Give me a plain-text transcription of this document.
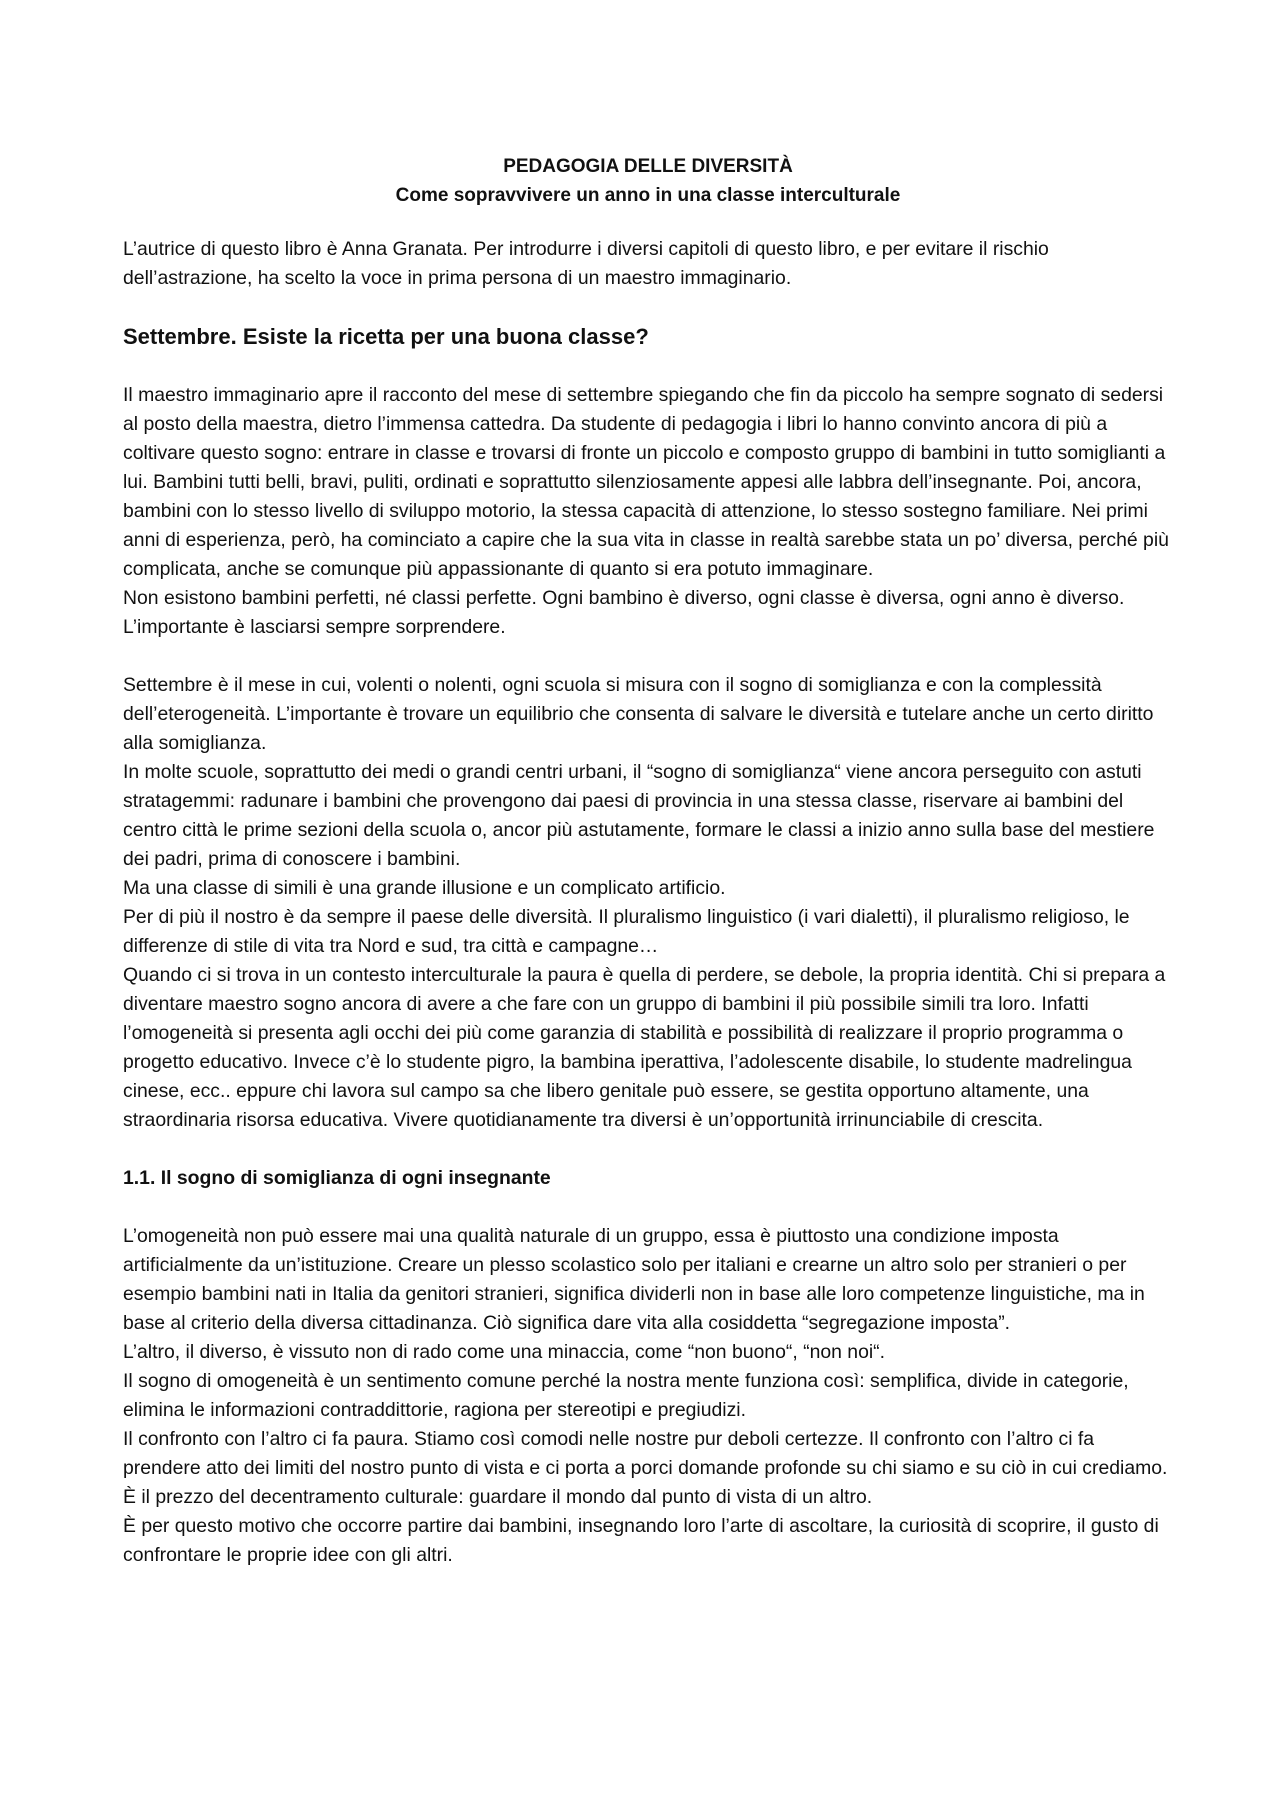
PEDAGOGIA DELLE DIVERSITÀ
Come sopravvivere un anno in una classe interculturale

L’autrice di questo libro è Anna Granata. Per introdurre i diversi capitoli di questo libro, e per evitare il rischio dell’astrazione, ha scelto la voce in prima persona di un maestro immaginario.

Settembre. Esiste la ricetta per una buona classe?

Il maestro immaginario apre il racconto del mese di settembre spiegando che fin da piccolo ha sempre sognato di sedersi al posto della maestra, dietro l’immensa cattedra. Da studente di pedagogia i libri lo hanno convinto ancora di più a coltivare questo sogno: entrare in classe e trovarsi di fronte un piccolo e composto gruppo di bambini in tutto somiglianti a lui. Bambini tutti belli, bravi, puliti, ordinati e soprattutto silenziosamente appesi alle labbra dell’insegnante. Poi, ancora, bambini con lo stesso livello di sviluppo motorio, la stessa capacità di attenzione, lo stesso sostegno familiare. Nei primi anni di esperienza, però, ha cominciato a capire che la sua vita in classe in realtà sarebbe stata un po’ diversa, perché più complicata, anche se comunque più appassionante di quanto si era potuto immaginare.

Non esistono bambini perfetti, né classi perfette. Ogni bambino è diverso, ogni classe è diversa, ogni anno è diverso. L’importante è lasciarsi sempre sorprendere.

Settembre è il mese in cui, volenti o nolenti, ogni scuola si misura con il sogno di somiglianza e con la complessità dell’eterogeneità. L’importante è trovare un equilibrio che consenta di salvare le diversità e tutelare anche un certo diritto alla somiglianza.

In molte scuole, soprattutto dei medi o grandi centri urbani, il “sogno di somiglianza“ viene ancora perseguito con astuti stratagemmi: radunare i bambini che provengono dai paesi di provincia in una stessa classe, riservare ai bambini del centro città le prime sezioni della scuola o, ancor più astutamente, formare le classi a inizio anno sulla base del mestiere dei padri, prima di conoscere i bambini.

Ma una classe di simili è una grande illusione e un complicato artificio.

Per di più il nostro è da sempre il paese delle diversità. Il pluralismo linguistico (i vari dialetti), il pluralismo religioso, le differenze di stile di vita tra Nord e sud, tra città e campagne…

Quando ci si trova in un contesto interculturale la paura è quella di perdere, se debole, la propria identità. Chi si prepara a diventare maestro sogno ancora di avere a che fare con un gruppo di bambini il più possibile simili tra loro. Infatti l’omogeneità si presenta agli occhi dei più come garanzia di stabilità e possibilità di realizzare il proprio programma o progetto educativo. Invece c’è lo studente pigro, la bambina iperattiva, l’adolescente disabile, lo studente madrelingua cinese, ecc.. eppure chi lavora sul campo sa che libero genitale può essere, se gestita opportuno altamente, una straordinaria risorsa educativa. Vivere quotidianamente tra diversi è un’opportunità irrinunciabile di crescita.

1.1. Il sogno di somiglianza di ogni insegnante

L’omogeneità non può essere mai una qualità naturale di un gruppo, essa è piuttosto una condizione imposta artificialmente da un’istituzione. Creare un plesso scolastico solo per italiani e crearne un altro solo per stranieri o per esempio bambini nati in Italia da genitori stranieri, significa dividerli non in base alle loro competenze linguistiche, ma in base al criterio della diversa cittadinanza. Ciò significa dare vita alla cosiddetta “segregazione imposta”.

L’altro, il diverso, è vissuto non di rado come una minaccia, come “non buono“, “non noi“.

Il sogno di omogeneità è un sentimento comune perché la nostra mente funziona così: semplifica, divide in categorie, elimina le informazioni contraddittorie, ragiona per stereotipi e pregiudizi.

Il confronto con l’altro ci fa paura. Stiamo così comodi nelle nostre pur deboli certezze. Il confronto con l’altro ci fa prendere atto dei limiti del nostro punto di vista e ci porta a porci domande profonde su chi siamo e su ciò in cui crediamo. È il prezzo del decentramento culturale: guardare il mondo dal punto di vista di un altro.

È per questo motivo che occorre partire dai bambini, insegnando loro l’arte di ascoltare, la curiosità di scoprire, il gusto di confrontare le proprie idee con gli altri.
